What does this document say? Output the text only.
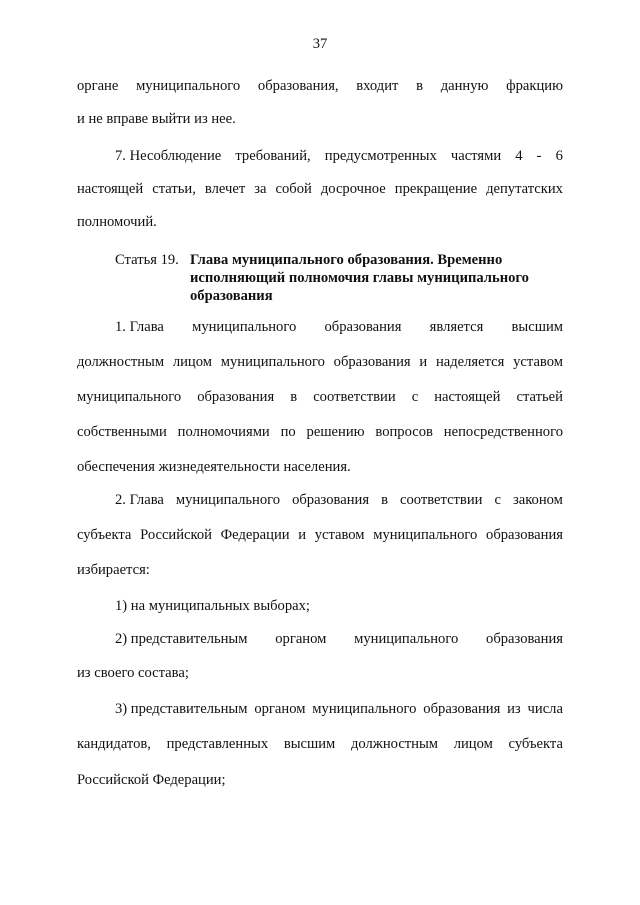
37
органе муниципального образования, входит в данную фракцию
и не вправе выйти из нее.
7. Несоблюдение требований, предусмотренных частями 4 - 6
настоящей статьи, влечет за собой досрочное прекращение депутатских
полномочий.
Статья 19. Глава муниципального образования. Временно
исполняющий полномочия главы муниципального
образования
1. Глава муниципального образования является высшим
должностным лицом муниципального образования и наделяется уставом
муниципального образования в соответствии с настоящей статьей
собственными полномочиями по решению вопросов непосредственного
обеспечения жизнедеятельности населения.
2. Глава муниципального образования в соответствии с законом
субъекта Российской Федерации и уставом муниципального образования
избирается:
1) на муниципальных выборах;
2) представительным органом муниципального образования
из своего состава;
3) представительным органом муниципального образования из числа
кандидатов, представленных высшим должностным лицом субъекта
Российской Федерации;
